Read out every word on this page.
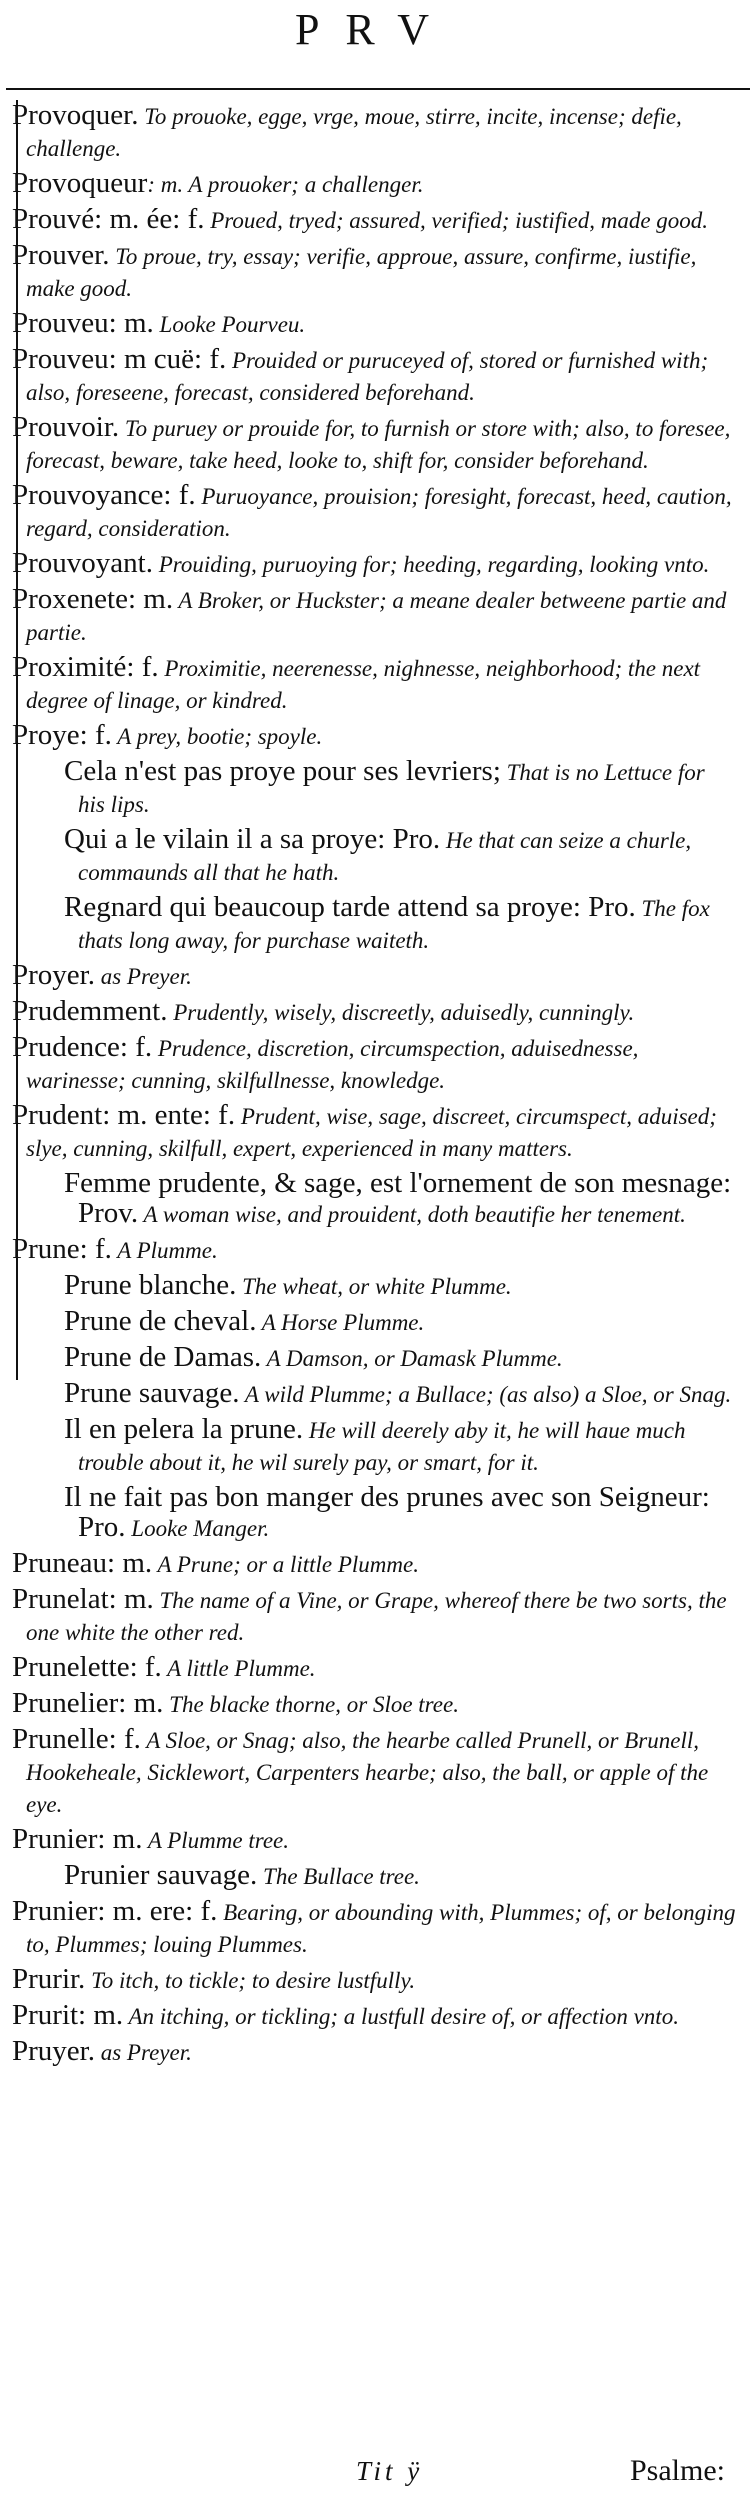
PRV
Provoquer. To prouoke, egge, vrge, moue, stirre, incite, incense; defie, challenge.
Provoqueur: m. A prouoker; a challenger.
Prouvé: m. ée: f. Proued, tryed; assured, verified; iustified, made good.
Prouver. To proue, try, essay; verifie, approue, assure, confirme, iustifie, make good.
Prouveu: m. Looke Pourveu.
Prouveu: m cuë: f. Prouided or puruceyed of, stored or furnished with; also, foreseene, forecast, considered beforehand.
Prouvoir. To puruey or prouide for, to furnish or store with; also, to foresee, forecast, beware, take heed, looke to, shift for, consider beforehand.
Prouvoyance: f. Puruoyance, prouision; foresight, forecast, heed, caution, regard, consideration.
Prouvoyant. Prouiding, puruoying for; heeding, regarding, looking vnto.
Proxenete: m. A Broker, or Huckster; a meane dealer betweene partie and partie.
Proximité: f. Proximitie, neerenesse, nighnesse, neighborhood; the next degree of linage, or kindred.
Proye: f. A prey, bootie; spoyle.
Cela n'est pas proye pour ses levriers; That is no Lettuce for his lips.
Qui a le vilain il a sa proye: Pro. He that can seize a churle, commaunds all that he hath.
Regnard qui beaucoup tarde attend sa proye: Pro. The fox thats long away, for purchase waiteth.
Proyer. as Preyer.
Prudemment. Prudently, wisely, discreetly, aduisedly, cunningly.
Prudence: f. Prudence, discretion, circumspection, aduisednesse, warinesse; cunning, skilfullnesse, knowledge.
Prudent: m. ente: f. Prudent, wise, sage, discreet, circumspect, aduised; slye, cunning, skilfull, expert, experienced in many matters.
Femme prudente, & sage, est l'ornement de son mesnage: Prov. A woman wise, and prouident, doth beautifie her tenement.
Prune: f. A Plumme.
Prune blanche. The wheat, or white Plumme.
Prune de cheval. A Horse Plumme.
Prune de Damas. A Damson, or Damask Plumme.
Prune sauvage. A wild Plumme; a Bullace; (as also) a Sloe, or Snag.
Il en pelera la prune. He will deerely aby it, he will haue much trouble about it, he wil surely pay, or smart, for it.
Il ne fait pas bon manger des prunes avec son Seigneur: Pro. Looke Manger.
Pruneau: m. A Prune; or a little Plumme.
Prunelat: m. The name of a Vine, or Grape, whereof there be two sorts, the one white the other red.
Prunelette: f. A little Plumme.
Prunelier: m. The blacke thorne, or Sloe tree.
Prunelle: f. A Sloe, or Snag; also, the hearbe called Prunell, or Brunell, Hookeheale, Sicklewort, Carpenters hearbe; also, the ball, or apple of the eye.
Prunier: m. A Plumme tree.
Prunier sauvage. The Bullace tree.
Prunier: m. ere: f. Bearing, or abounding with, Plummes; of, or belonging to, Plummes; louing Plummes.
Prurir. To itch, to tickle; to desire lustfully.
Prurit: m. An itching, or tickling; a lustfull desire of, or affection vnto.
Pruyer. as Preyer.
Tit ÿ	Psalme:
